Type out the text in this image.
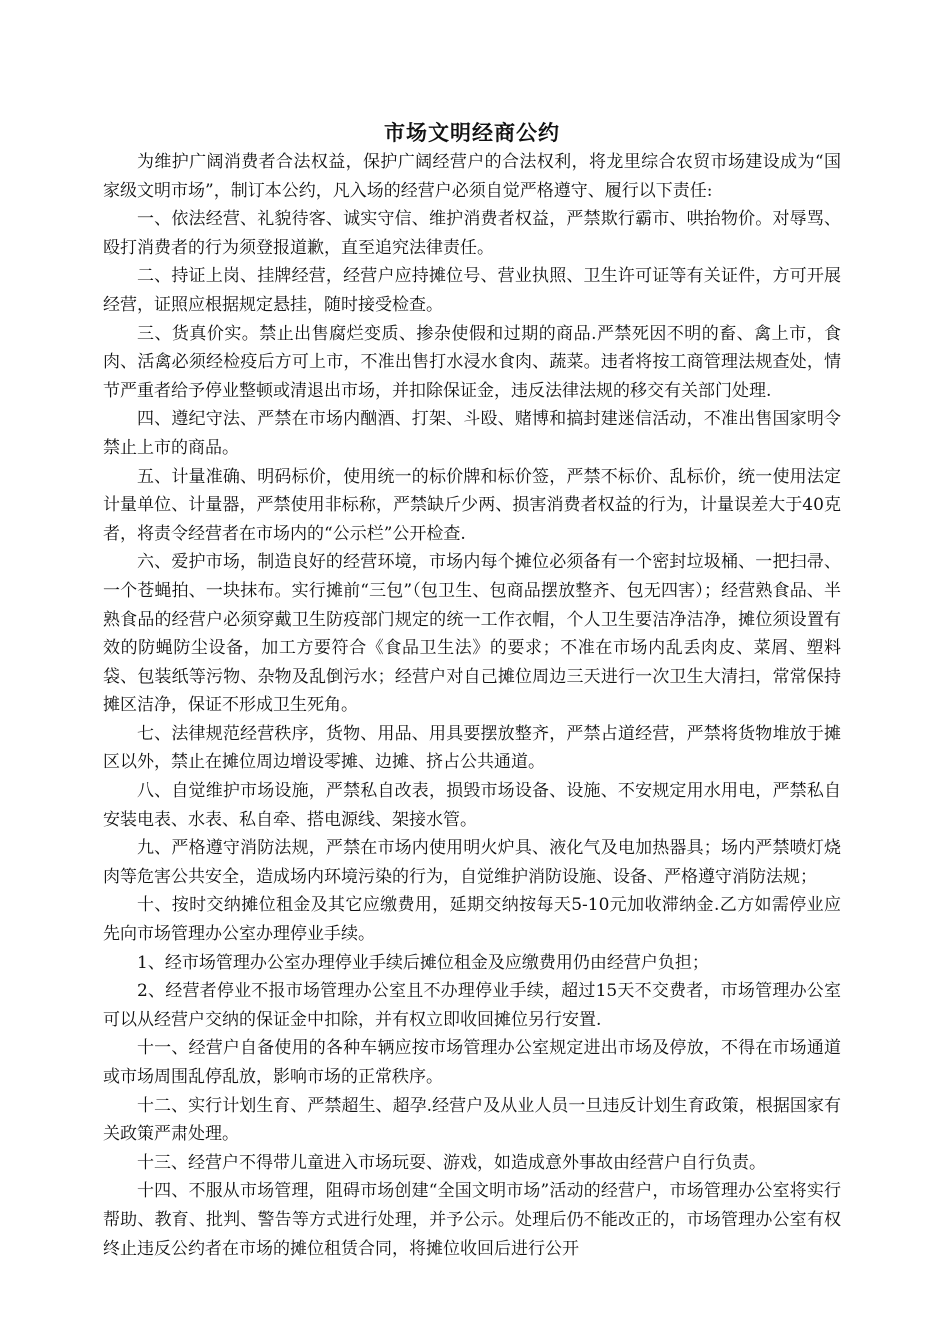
市场文明经商公约

为维护广阔消费者合法权益，保护广阔经营户的合法权利，将龙里综合农贸市场建设成为“国家级文明市场”，制订本公约，凡入场的经营户必须自觉严格遵守、履行以下责任:

一、依法经营、礼貌待客、诚实守信、维护消费者权益，严禁欺行霸市、哄抬物价。对辱骂、殴打消费者的行为须登报道歉，直至追究法律责任。

二、持证上岗、挂牌经营，经营户应持摊位号、营业执照、卫生许可证等有关证件，方可开展经营，证照应根据规定悬挂，随时接受检查。

三、货真价实。禁止出售腐烂变质、掺杂使假和过期的商品.严禁死因不明的畜、禽上市，食肉、活禽必须经检疫后方可上市，不准出售打水浸水食肉、蔬菜。违者将按工商管理法规查处，情节严重者给予停业整顿或清退出市场，并扣除保证金，违反法律法规的移交有关部门处理.

四、遵纪守法、严禁在市场内酗酒、打架、斗殴、赌博和搞封建迷信活动，不准出售国家明令禁止上市的商品。

五、计量准确、明码标价，使用统一的标价牌和标价签，严禁不标价、乱标价，统一使用法定计量单位、计量器，严禁使用非标称，严禁缺斤少两、损害消费者权益的行为，计量误差大于40克者，将责令经营者在市场内的“公示栏”公开检查.

六、爱护市场，制造良好的经营环境，市场内每个摊位必须备有一个密封垃圾桶、一把扫帚、一个苍蝇拍、一块抹布。实行摊前“三包”（包卫生、包商品摆放整齐、包无四害）；经营熟食品、半熟食品的经营户必须穿戴卫生防疫部门规定的统一工作衣帽，个人卫生要洁净洁净，摊位须设置有效的防蝇防尘设备，加工方要符合《食品卫生法》的要求；不准在市场内乱丢肉皮、菜屑、塑料袋、包装纸等污物、杂物及乱倒污水；经营户对自己摊位周边三天进行一次卫生大清扫，常常保持摊区洁净，保证不形成卫生死角。

七、法律规范经营秩序，货物、用品、用具要摆放整齐，严禁占道经营，严禁将货物堆放于摊区以外，禁止在摊位周边增设零摊、边摊、挤占公共通道。

八、自觉维护市场设施，严禁私自改表，损毁市场设备、设施、不安规定用水用电，严禁私自安装电表、水表、私自牵、搭电源线、架接水管。

九、严格遵守消防法规，严禁在市场内使用明火炉具、液化气及电加热器具；场内严禁喷灯烧肉等危害公共安全，造成场内环境污染的行为，自觉维护消防设施、设备、严格遵守消防法规；

十、按时交纳摊位租金及其它应缴费用，延期交纳按每天5-10元加收滞纳金.乙方如需停业应先向市场管理办公室办理停业手续。

1、经市场管理办公室办理停业手续后摊位租金及应缴费用仍由经营户负担；

2、经营者停业不报市场管理办公室且不办理停业手续，超过15天不交费者，市场管理办公室可以从经营户交纳的保证金中扣除，并有权立即收回摊位另行安置.

十一、经营户自备使用的各种车辆应按市场管理办公室规定进出市场及停放，不得在市场通道或市场周围乱停乱放，影响市场的正常秩序。

十二、实行计划生育、严禁超生、超孕.经营户及从业人员一旦违反计划生育政策，根据国家有关政策严肃处理。

十三、经营户不得带儿童进入市场玩耍、游戏，如造成意外事故由经营户自行负责。

十四、不服从市场管理，阻碍市场创建“全国文明市场”活动的经营户，市场管理办公室将实行帮助、教育、批判、警告等方式进行处理，并予公示。处理后仍不能改正的，市场管理办公室有权终止违反公约者在市场的摊位租赁合同，将摊位收回后进行公开
